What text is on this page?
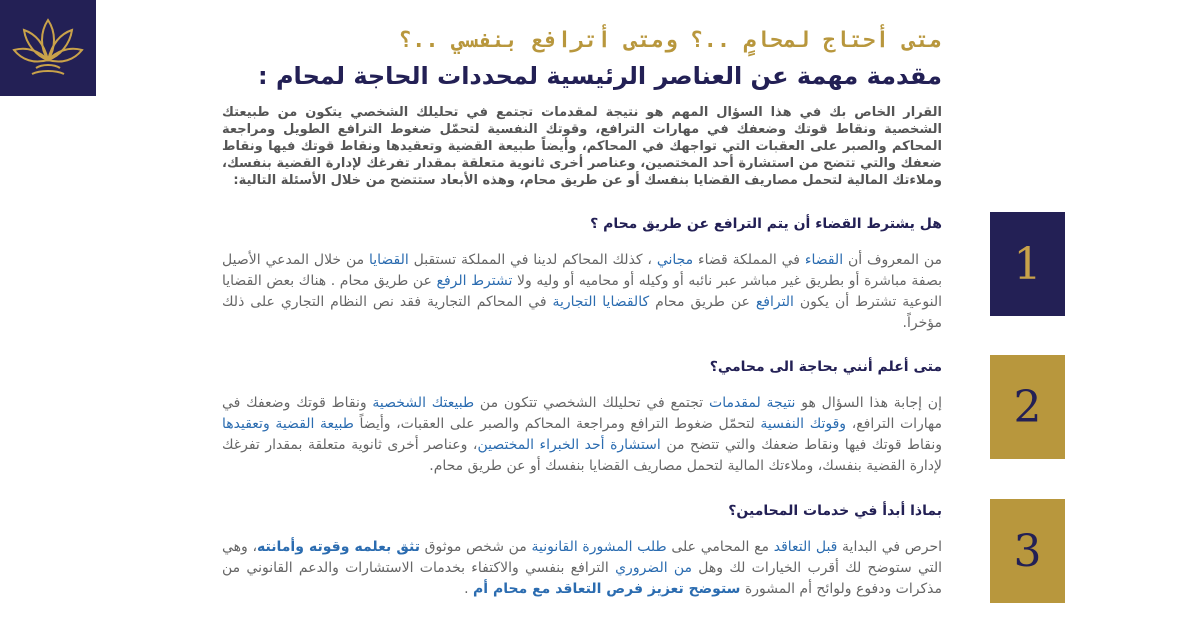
متى أحتاج لمحامٍ ..؟ ومتى أترافع بنفسي ..؟
مقدمة مهمة عن العناصر الرئيسية لمحددات الحاجة لمحام :
القرار الخاص بك في هذا السؤال المهم هو نتيجة لمقدمات تجتمع في تحليلك الشخصي يتكون من طبيعتك الشخصية ونقاط قوتك وضعفك في مهارات الترافع، وقوتك النفسية لتحمّل ضغوط الترافع الطويل ومراجعة المحاكم والصبر على العقبات التي تواجهك في المحاكم، وأيضاً طبيعة القضية وتعقيدها ونقاط قوتك فيها ونقاط ضعفك والتي تتضح من استشارة أحد المختصين، وعناصر أخرى ثانوية متعلقة بمقدار تفرغك لإدارة القضية بنفسك، وملاءتك المالية لتحمل مصاريف القضايا بنفسك أو عن طريق محام، وهذه الأبعاد ستتضح من خلال الأسئلة التالية:

هل يشترط القضاء أن يتم الترافع عن طريق محام ؟

من المعروف أن القضاء في المملكة قضاء مجاني ، كذلك المحاكم لدينا في المملكة تستقبل القضايا من خلال المدعي الأصيل بصفة مباشرة أو بطريق غير مباشر عبر نائبه أو وكيله أو محاميه أو وليه ولا تشترط الرفع عن طريق محام . هناك بعض القضايا النوعية تشترط أن يكون الترافع عن طريق محام كالقضايا التجارية في المحاكم التجارية فقد نص النظام التجاري على ذلك مؤخراً.

متى أعلم أنني بحاجة الى محامي؟

إن إجابة هذا السؤال هو نتيجة لمقدمات تجتمع في تحليلك الشخصي تتكون من طبيعتك الشخصية ونقاط قوتك وضعفك في مهارات الترافع، وقوتك النفسية لتحمّل ضغوط الترافع ومراجعة المحاكم والصبر على العقبات، وأيضاً طبيعة القضية وتعقيدها ونقاط قوتك فيها ونقاط ضعفك والتي تتضح من استشارة أحد الخبراء المختصين، وعناصر أخرى ثانوية متعلقة بمقدار تفرغك لإدارة القضية بنفسك، وملاءتك المالية لتحمل مصاريف القضايا بنفسك أو عن طريق محام.

بماذا أبدأ في خدمات المحامين؟

احرص في البداية قبل التعاقد مع المحامي على طلب المشورة القانونية من شخص موثوق تثق بعلمه وقوته وأمانته، وهي التي ستوضح لك أقرب الخيارات لك وهل من الضروري الترافع بنفسي والاكتفاء بخدمات الاستشارات والدعم القانوني من مذكرات ودفوع ولوائح أم المشورة ستوضح تعزيز فرص التعاقد مع محام أم .

1
2
3
